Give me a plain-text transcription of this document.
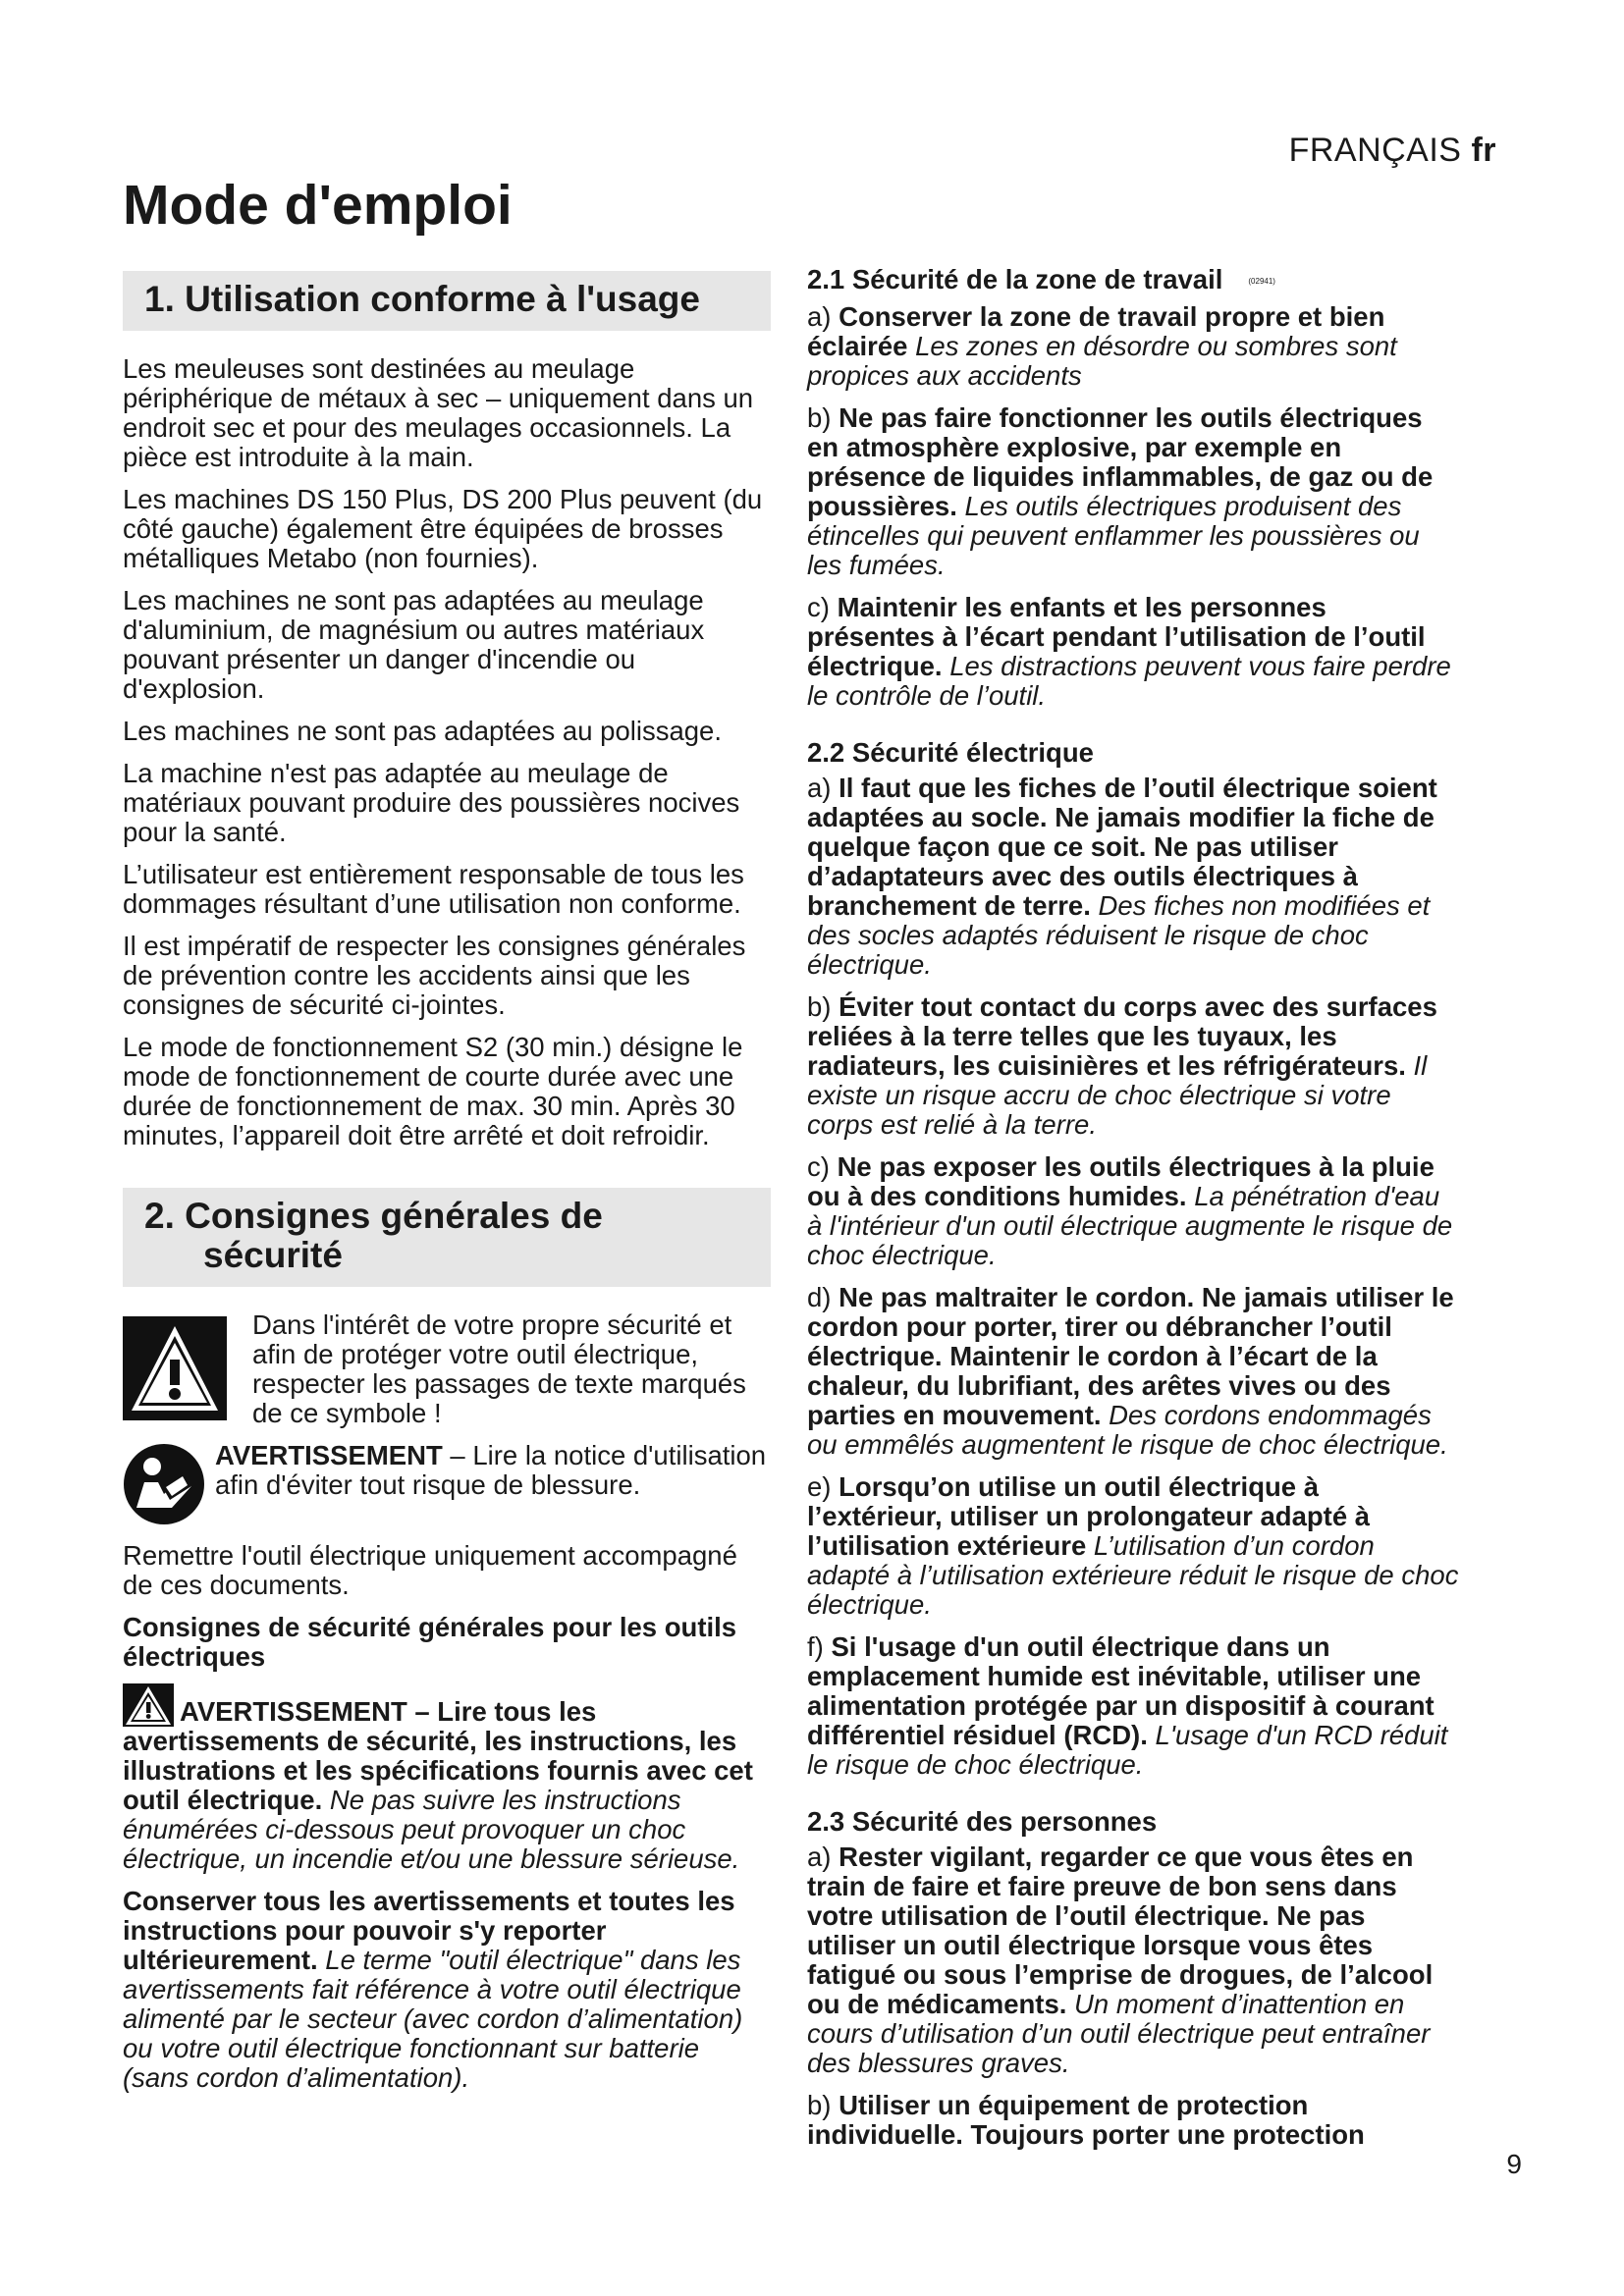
FRANÇAIS fr
Mode d'emploi
1. Utilisation conforme à l'usage

Les meuleuses sont destinées au meulage périphérique de métaux à sec – uniquement dans un endroit sec et pour des meulages occasionnels. La pièce est introduite à la main.

Les machines DS 150 Plus, DS 200 Plus peuvent (du côté gauche) également être équipées de brosses métalliques Metabo (non fournies).

Les machines ne sont pas adaptées au meulage d'aluminium, de magnésium ou autres matériaux pouvant présenter un danger d'incendie ou d'explosion.

Les machines ne sont pas adaptées au polissage.

La machine n'est pas adaptée au meulage de matériaux pouvant produire des poussières nocives pour la santé.

L’utilisateur est entièrement responsable de tous les dommages résultant d’une utilisation non conforme.

Il est impératif de respecter les consignes générales de prévention contre les accidents ainsi que les consignes de sécurité ci-jointes.

Le mode de fonctionnement S2 (30 min.) désigne le mode de fonctionnement de courte durée avec une durée de fonctionnement de max. 30 min. Après 30 minutes, l’appareil doit être arrêté et doit refroidir.

2. Consignes générales de
sécurité

Dans l'intérêt de votre propre sécurité et afin de protéger votre outil électrique, respecter les passages de texte marqués de ce symbole !

AVERTISSEMENT – Lire la notice d'utilisation afin d'éviter tout risque de blessure.

Remettre l'outil électrique uniquement accompagné de ces documents.

Consignes de sécurité générales pour les outils électriques

AVERTISSEMENT – Lire tous les avertissements de sécurité, les instructions, les illustrations et les spécifications fournis avec cet outil électrique. Ne pas suivre les instructions énumérées ci-dessous peut provoquer un choc électrique, un incendie et/ou une blessure sérieuse.

Conserver tous les avertissements et toutes les instructions pour pouvoir s'y reporter ultérieurement. Le terme "outil électrique" dans les avertissements fait référence à votre outil électrique alimenté par le secteur (avec cordon d’alimentation) ou votre outil électrique fonctionnant sur batterie (sans cordon d’alimentation).

2.1 Sécurité de la zone de travail	(02941)

a) Conserver la zone de travail propre et bien éclairée Les zones en désordre ou sombres sont propices aux accidents

b) Ne pas faire fonctionner les outils électriques en atmosphère explosive, par exemple en présence de liquides inflammables, de gaz ou de poussières. Les outils électriques produisent des étincelles qui peuvent enflammer les poussières ou les fumées.

c) Maintenir les enfants et les personnes présentes à l’écart pendant l’utilisation de l’outil électrique. Les distractions peuvent vous faire perdre le contrôle de l’outil.

2.2 Sécurité électrique

a) Il faut que les fiches de l’outil électrique soient adaptées au socle. Ne jamais modifier la fiche de quelque façon que ce soit. Ne pas utiliser d’adaptateurs avec des outils électriques à branchement de terre. Des fiches non modifiées et des socles adaptés réduisent le risque de choc électrique.

b) Éviter tout contact du corps avec des surfaces reliées à la terre telles que les tuyaux, les radiateurs, les cuisinières et les réfrigérateurs. Il existe un risque accru de choc électrique si votre corps est relié à la terre.

c) Ne pas exposer les outils électriques à la pluie ou à des conditions humides. La pénétration d'eau à l'intérieur d'un outil électrique augmente le risque de choc électrique.

d) Ne pas maltraiter le cordon. Ne jamais utiliser le cordon pour porter, tirer ou débrancher l’outil électrique. Maintenir le cordon à l’écart de la chaleur, du lubrifiant, des arêtes vives ou des parties en mouvement. Des cordons endommagés ou emmêlés augmentent le risque de choc électrique.

e) Lorsqu’on utilise un outil électrique à l’extérieur, utiliser un prolongateur adapté à l’utilisation extérieure L’utilisation d’un cordon adapté à l’utilisation extérieure réduit le risque de choc électrique.

f) Si l'usage d'un outil électrique dans un emplacement humide est inévitable, utiliser une alimentation protégée par un dispositif à courant différentiel résiduel (RCD). L'usage d'un RCD réduit le risque de choc électrique.

2.3 Sécurité des personnes

a) Rester vigilant, regarder ce que vous êtes en train de faire et faire preuve de bon sens dans votre utilisation de l’outil électrique. Ne pas utiliser un outil électrique lorsque vous êtes fatigué ou sous l’emprise de drogues, de l’alcool ou de médicaments. Un moment d’inattention en cours d’utilisation d’un outil électrique peut entraîner des blessures graves.

b) Utiliser un équipement de protection individuelle. Toujours porter une protection

9
